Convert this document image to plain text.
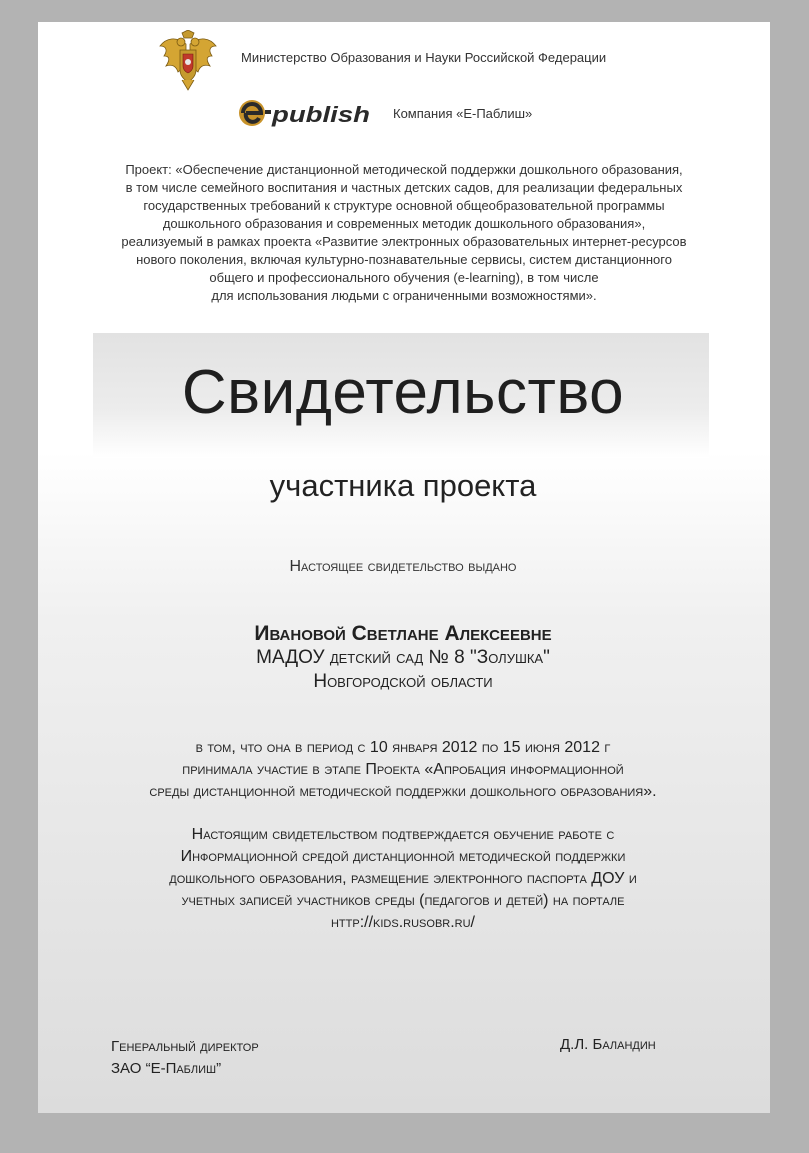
Министерство Образования и Науки Российской Федерации
publish Компания «Е-Паблиш»
Проект: «Обеспечение дистанционной методической поддержки дошкольного образования,
в том числе семейного воспитания и частных детских садов, для реализации федеральных
государственных требований к структуре основной общеобразовательной программы
дошкольного образования и современных методик дошкольного образования»,
реализуемый в рамках проекта «Развитие электронных образовательных интернет-ресурсов
нового поколения, включая культурно-познавательные сервисы, систем дистанционного
общего и профессионального обучения (e-learning), в том числе
для использования людьми с ограниченными возможностями».
Свидетельство
участника проекта
Настоящее свидетельство выдано
Ивановой Светлане Алексеевне
МАДОУ детский сад № 8 "Золушка"
Новгородской области
в том, что она в период с 10 января 2012 по 15 июня 2012 г
принимала участие в этапе Проекта «Апробация информационной
среды дистанционной методической поддержки дошкольного образования».
Настоящим свидетельством подтверждается обучение работе с
Информационной средой дистанционной методической поддержки
дошкольного образования, размещение электронного паспорта ДОУ и
учетных записей участников среды (педагогов и детей) на портале
http://kids.rusobr.ru/
Генеральный директор
ЗАО “Е-Паблиш”
Д.Л. Баландин
